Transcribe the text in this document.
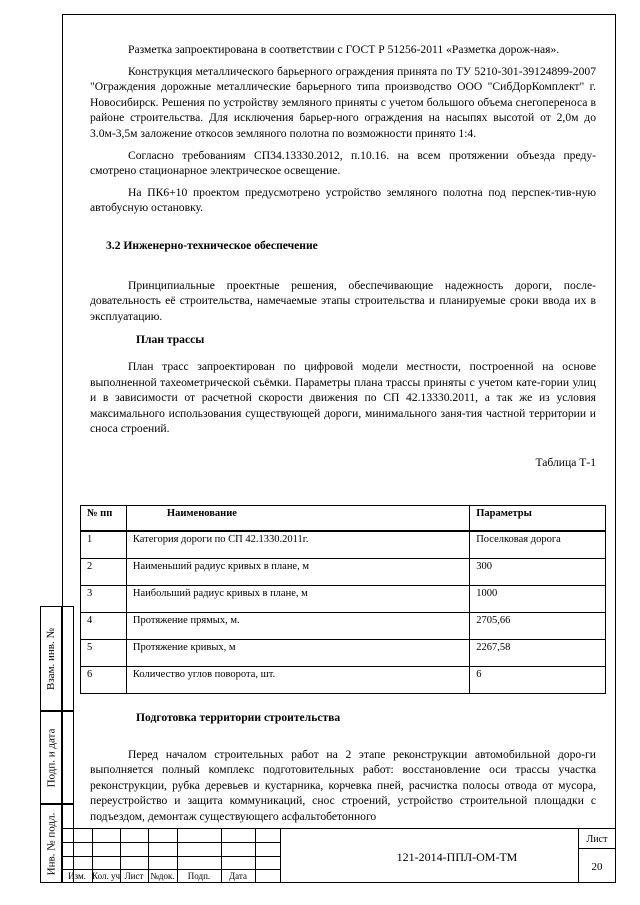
Разметка запроектирована в соответствии с ГОСТ Р 51256-2011 «Разметка дорож-ная».

Конструкция металлического барьерного ограждения принята по ТУ 5210-301-39124899-2007 "Ограждения дорожные металлические барьерного типа производство ООО "СибДорКомплект" г. Новосибирск. Решения по устройству земляного приняты с учетом большого объема снегопереноса в районе строительства. Для исключения барьер-ного ограждения на насыпях высотой от 2,0м до 3.0м-3,5м заложение откосов земляного полотна по возможности принято 1:4.

Согласно требованиям СП34.13330.2012, п.10.16. на всем протяжении объезда преду-смотрено стационарное электрическое освещение.

На ПК6+10 проектом предусмотрено устройство земляного полотна под перспек-тив-ную автобусную остановку.

3.2 Инженерно-техническое обеспечение

Принципиальные проектные решения, обеспечивающие надежность дороги, после-довательность её строительства, намечаемые этапы строительства и планируемые сроки ввода их в эксплуатацию.

План трассы

План трасс запроектирован по цифровой модели местности, построенной на основе выполненной тахеометрической съёмки. Параметры плана трассы приняты с учетом кате-гории улиц и в зависимости от расчетной скорости движения по СП 42.13330.2011, а так же из условия максимального использования существующей дороги, минимального заня-тия частной территории и сноса строений.

Таблица Т-1

№ пп	Наименование	Параметры
1	Категория дороги по СП 42.1330.2011г.	Поселковая дорога
2	Наименьший радиус кривых в плане, м	300
3	Наибольший радиус кривых в плане, м	1000
4	Протяжение прямых, м.	2705,66
5	Протяжение кривых, м	2267,58
6	Количество углов поворота, шт.	6

Подготовка территории строительства

Перед началом строительных работ на 2 этапе реконструкции автомобильной доро-ги выполняется полный комплекс подготовительных работ: восстановление оси трассы участка реконструкции, рубка деревьев и кустарника, корчевка пней, расчистка полосы отвода от мусора, переустройство и защита коммуникаций, снос строений, устройство строительной площадки с подъездом, демонтаж существующего асфальтобетонного

Взам. инв. №
Подп. и дата
Инв. № подл.
Изм. Кол. уч Лист №док.	Подп.	Дата
121-2014-ППЛ-ОМ-ТМ
Лист
20
